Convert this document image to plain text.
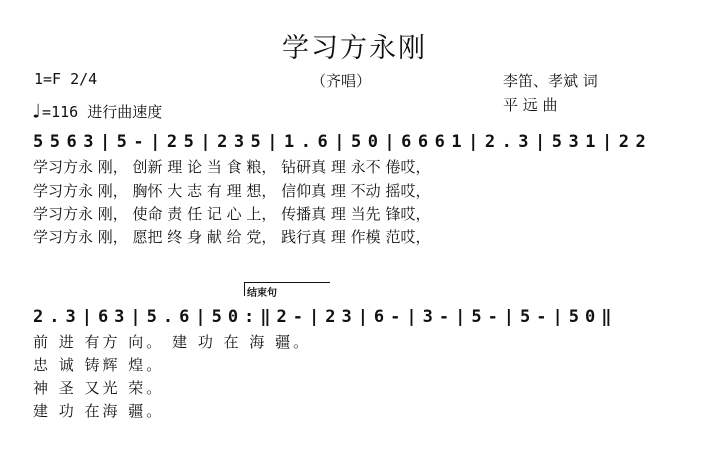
学习方永刚
1=F 2/4	（齐唱）	李笛、孝斌 词
平 远 曲
♩=116 进行曲速度
5563|5-|25|235|1.6|50|6661|2.3|531|22
学习方永 刚， 创新 理 论 当 食 粮， 钻研真 理 永不 倦哎，
学习方永 刚， 胸怀 大 志 有 理 想， 信仰真 理 不动 摇哎，
学习方永 刚， 使命 责 任 记 心 上， 传播真 理 当先 锋哎，
学习方永 刚， 愿把 终 身 献 给 党， 践行真 理 作模 范哎，
结束句
2.3|63|5.6|50:‖2-|23|6-|3-|5-|5-|50‖
前 进 有方 向。 建 功 在 海 疆。
忠 诚 铸辉 煌。
神 圣 又光 荣。
建 功 在海 疆。
